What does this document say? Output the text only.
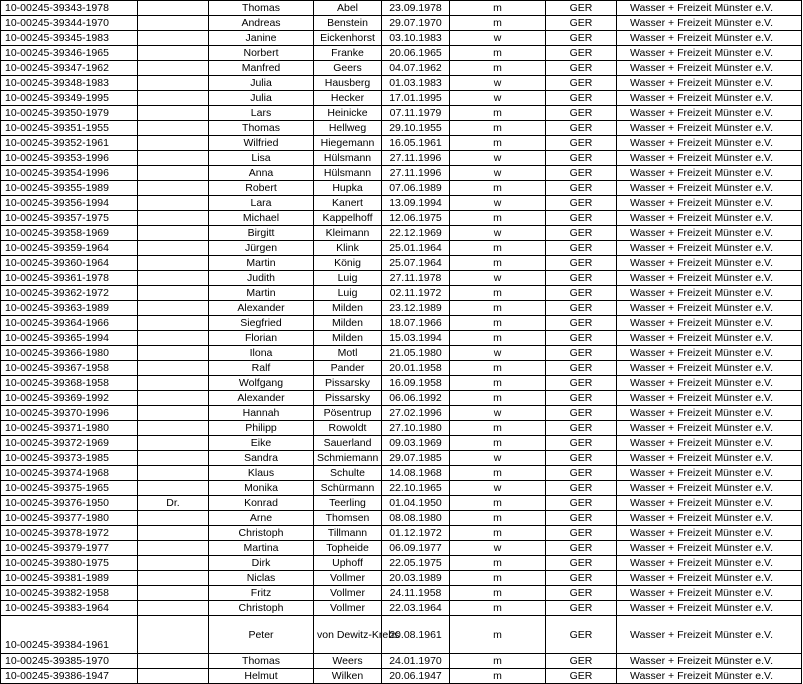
10-00245-39343-1978		Thomas	Abel	23.09.1978	m	GER	Wasser + Freizeit Münster e.V.
10-00245-39344-1970		Andreas	Benstein	29.07.1970	m	GER	Wasser + Freizeit Münster e.V.
10-00245-39345-1983		Janine	Eickenhorst	03.10.1983	w	GER	Wasser + Freizeit Münster e.V.
10-00245-39346-1965		Norbert	Franke	20.06.1965	m	GER	Wasser + Freizeit Münster e.V.
10-00245-39347-1962		Manfred	Geers	04.07.1962	m	GER	Wasser + Freizeit Münster e.V.
10-00245-39348-1983		Julia	Hausberg	01.03.1983	w	GER	Wasser + Freizeit Münster e.V.
10-00245-39349-1995		Julia	Hecker	17.01.1995	w	GER	Wasser + Freizeit Münster e.V.
10-00245-39350-1979		Lars	Heinicke	07.11.1979	m	GER	Wasser + Freizeit Münster e.V.
10-00245-39351-1955		Thomas	Hellweg	29.10.1955	m	GER	Wasser + Freizeit Münster e.V.
10-00245-39352-1961		Wilfried	Hiegemann	16.05.1961	m	GER	Wasser + Freizeit Münster e.V.
10-00245-39353-1996		Lisa	Hülsmann	27.11.1996	w	GER	Wasser + Freizeit Münster e.V.
10-00245-39354-1996		Anna	Hülsmann	27.11.1996	w	GER	Wasser + Freizeit Münster e.V.
10-00245-39355-1989		Robert	Hupka	07.06.1989	m	GER	Wasser + Freizeit Münster e.V.
10-00245-39356-1994		Lara	Kanert	13.09.1994	w	GER	Wasser + Freizeit Münster e.V.
10-00245-39357-1975		Michael	Kappelhoff	12.06.1975	m	GER	Wasser + Freizeit Münster e.V.
10-00245-39358-1969		Birgitt	Kleimann	22.12.1969	w	GER	Wasser + Freizeit Münster e.V.
10-00245-39359-1964		Jürgen	Klink	25.01.1964	m	GER	Wasser + Freizeit Münster e.V.
10-00245-39360-1964		Martin	König	25.07.1964	m	GER	Wasser + Freizeit Münster e.V.
10-00245-39361-1978		Judith	Luig	27.11.1978	w	GER	Wasser + Freizeit Münster e.V.
10-00245-39362-1972		Martin	Luig	02.11.1972	m	GER	Wasser + Freizeit Münster e.V.
10-00245-39363-1989		Alexander	Milden	23.12.1989	m	GER	Wasser + Freizeit Münster e.V.
10-00245-39364-1966		Siegfried	Milden	18.07.1966	m	GER	Wasser + Freizeit Münster e.V.
10-00245-39365-1994		Florian	Milden	15.03.1994	m	GER	Wasser + Freizeit Münster e.V.
10-00245-39366-1980		Ilona	Motl	21.05.1980	w	GER	Wasser + Freizeit Münster e.V.
10-00245-39367-1958		Ralf	Pander	20.01.1958	m	GER	Wasser + Freizeit Münster e.V.
10-00245-39368-1958		Wolfgang	Pissarsky	16.09.1958	m	GER	Wasser + Freizeit Münster e.V.
10-00245-39369-1992		Alexander	Pissarsky	06.06.1992	m	GER	Wasser + Freizeit Münster e.V.
10-00245-39370-1996		Hannah	Pösentrup	27.02.1996	w	GER	Wasser + Freizeit Münster e.V.
10-00245-39371-1980		Philipp	Rowoldt	27.10.1980	m	GER	Wasser + Freizeit Münster e.V.
10-00245-39372-1969		Eike	Sauerland	09.03.1969	m	GER	Wasser + Freizeit Münster e.V.
10-00245-39373-1985		Sandra	Schmiemann	29.07.1985	w	GER	Wasser + Freizeit Münster e.V.
10-00245-39374-1968		Klaus	Schulte	14.08.1968	m	GER	Wasser + Freizeit Münster e.V.
10-00245-39375-1965		Monika	Schürmann	22.10.1965	w	GER	Wasser + Freizeit Münster e.V.
10-00245-39376-1950	Dr.	Konrad	Teerling	01.04.1950	m	GER	Wasser + Freizeit Münster e.V.
10-00245-39377-1980		Arne	Thomsen	08.08.1980	m	GER	Wasser + Freizeit Münster e.V.
10-00245-39378-1972		Christoph	Tillmann	01.12.1972	m	GER	Wasser + Freizeit Münster e.V.
10-00245-39379-1977		Martina	Topheide	06.09.1977	w	GER	Wasser + Freizeit Münster e.V.
10-00245-39380-1975		Dirk	Uphoff	22.05.1975	m	GER	Wasser + Freizeit Münster e.V.
10-00245-39381-1989		Niclas	Vollmer	20.03.1989	m	GER	Wasser + Freizeit Münster e.V.
10-00245-39382-1958		Fritz	Vollmer	24.11.1958	m	GER	Wasser + Freizeit Münster e.V.
10-00245-39383-1964		Christoph	Vollmer	22.03.1964	m	GER	Wasser + Freizeit Münster e.V.
10-00245-39384-1961		Peter	von Dewitz-Krebs	20.08.1961	m	GER	Wasser + Freizeit Münster e.V.
10-00245-39385-1970		Thomas	Weers	24.01.1970	m	GER	Wasser + Freizeit Münster e.V.
10-00245-39386-1947		Helmut	Wilken	20.06.1947	m	GER	Wasser + Freizeit Münster e.V.
